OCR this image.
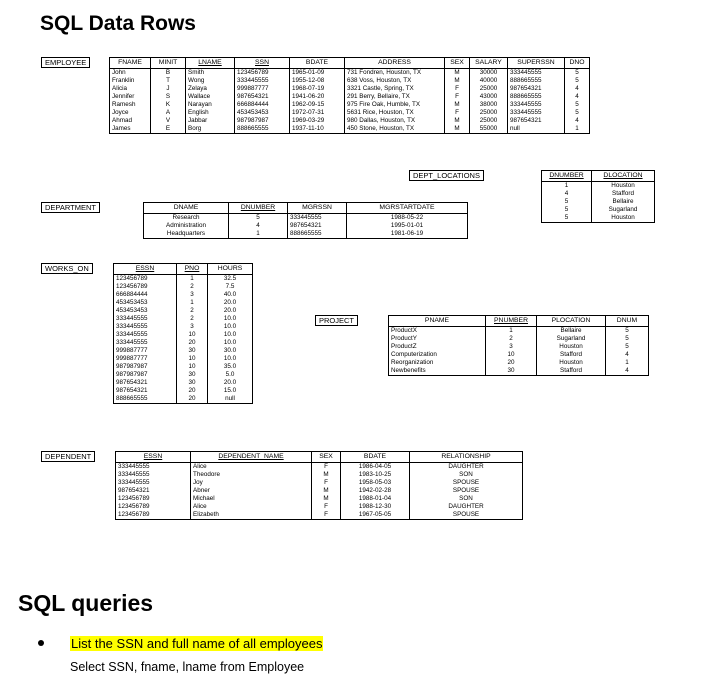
SQL Data Rows
EMPLOYEE	FNAME	MINIT	LNAME	SSN	BDATE	ADDRESS	SEX	SALARY	SUPERSSN	DNO
John	B	Smith	123456789	1965-01-09	731 Fondren, Houston, TX	M	30000	333445555	5
Franklin	T	Wong	333445555	1955-12-08	638 Voss, Houston, TX	M	40000	888665555	5
Alicia	J	Zelaya	999887777	1968-07-19	3321 Castle, Spring, TX	F	25000	987654321	4
Jennifer	S	Wallace	987654321	1941-06-20	291 Berry, Bellaire, TX	F	43000	888665555	4
Ramesh	K	Narayan	666884444	1962-09-15	975 Fire Oak, Humble, TX	M	38000	333445555	5
Joyce	A	English	453453453	1972-07-31	5631 Rice, Houston, TX	F	25000	333445555	5
Ahmad	V	Jabbar	987987987	1969-03-29	980 Dallas, Houston, TX	M	25000	987654321	4
James	E	Borg	888665555	1937-11-10	450 Stone, Houston, TX	M	55000	null	1
DEPT_LOCATIONS	DNUMBER	DLOCATION
1	Houston
4	Stafford
5	Bellaire
5	Sugarland
5	Houston
DEPARTMENT	DNAME	DNUMBER	MGRSSN	MGRSTARTDATE
Research	5	333445555	1988-05-22
Administration	4	987654321	1995-01-01
Headquarters	1	888665555	1981-06-19
WORKS_ON	ESSN	PNO	HOURS
123456789	1	32.5
123456789	2	7.5
666884444	3	40.0
453453453	1	20.0
453453453	2	20.0
333445555	2	10.0
333445555	3	10.0
333445555	10	10.0
333445555	20	10.0
999887777	30	30.0
999887777	10	10.0
987987987	10	35.0
987987987	30	5.0
987654321	30	20.0
987654321	20	15.0
888665555	20	null
PROJECT	PNAME	PNUMBER	PLOCATION	DNUM
ProductX	1	Bellaire	5
ProductY	2	Sugarland	5
ProductZ	3	Houston	5
Computerization	10	Stafford	4
Reorganization	20	Houston	1
Newbenefits	30	Stafford	4
DEPENDENT	ESSN	DEPENDENT_NAME	SEX	BDATE	RELATIONSHIP
333445555	Alice	F	1986-04-05	DAUGHTER
333445555	Theodore	M	1983-10-25	SON
333445555	Joy	F	1958-05-03	SPOUSE
987654321	Abner	M	1942-02-28	SPOUSE
123456789	Michael	M	1988-01-04	SON
123456789	Alice	F	1988-12-30	DAUGHTER
123456789	Elizabeth	F	1967-05-05	SPOUSE
SQL queries
List the SSN and full name of all employees
Select SSN, fname, lname from Employee
